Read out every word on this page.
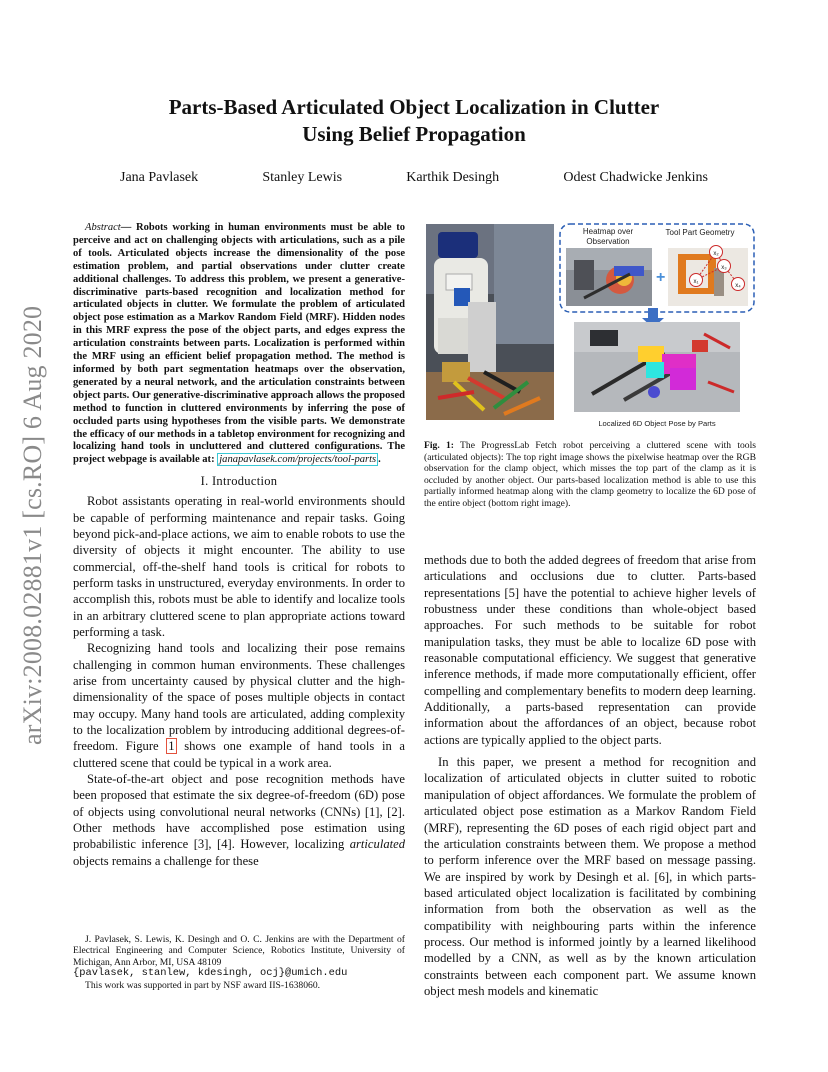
arXiv:2008.02881v1 [cs.RO] 6 Aug 2020
Parts-Based Articulated Object Localization in Clutter
Using Belief Propagation
Jana Pavlasek	Stanley Lewis	Karthik Desingh	Odest Chadwicke Jenkins

Abstract— Robots working in human environments must be able to perceive and act on challenging objects with articulations, such as a pile of tools. Articulated objects increase the dimensionality of the pose estimation problem, and partial observations under clutter create additional challenges. To address this problem, we present a generative-discriminative parts-based recognition and localization method for articulated objects in clutter. We formulate the problem of articulated object pose estimation as a Markov Random Field (MRF). Hidden nodes in this MRF express the pose of the object parts, and edges express the articulation constraints between parts. Localization is performed within the MRF using an efficient belief propagation method. The method is informed by both part segmentation heatmaps over the observation, generated by a neural network, and the articulation constraints between object parts. Our generative-discriminative approach allows the proposed method to function in cluttered environments by inferring the pose of occluded parts using hypotheses from the visible parts. We demonstrate the efficacy of our methods in a tabletop environment for recognizing and localizing hand tools in uncluttered and cluttered configurations. The project webpage is available at: janapavlasek.com/projects/tool-parts .

I. Introduction

Robot assistants operating in real-world environments should be capable of performing maintenance and repair tasks. Going beyond pick-and-place actions, we aim to enable robots to use the diversity of objects it might encounter. The ability to use commercial, off-the-shelf hand tools is critical for robots to perform tasks in unstructured, everyday environments. In order to accomplish this, robots must be able to identify and localize tools in an arbitrary cluttered scene to plan appropriate actions toward performing a task.

Recognizing hand tools and localizing their pose remains challenging in common human environments. These challenges arise from uncertainty caused by physical clutter and the high-dimensionality of the space of poses multiple objects in contact may occupy. Many hand tools are articulated, adding complexity to the localization problem by introducing additional degrees-of-freedom. Figure 1 shows one example of hand tools in a cluttered scene that could be typical in a work area.

State-of-the-art object and pose recognition methods have been proposed that estimate the six degree-of-freedom (6D) pose of objects using convolutional neural networks (CNNs) [1], [2]. Other methods have accomplished pose estimation using probabilistic inference [3], [4]. However, localizing articulated objects remains a challenge for these

J. Pavlasek, S. Lewis, K. Desingh and O. C. Jenkins are with the Department of Electrical Engineering and Computer Science, Robotics Institute, University of Michigan, Ann Arbor, MI, USA 48109

{pavlasek, stanlew, kdesingh, ocj}@umich.edu

This work was supported in part by NSF award IIS-1638060.

Heatmap over
Observation
Tool Part Geometry
+
x₂
x₃
x₁
x₄
Localized 6D Object Pose by Parts
Fig. 1: The ProgressLab Fetch robot perceiving a cluttered scene with tools (articulated objects): The top right image shows the pixelwise heatmap over the RGB observation for the clamp object, which misses the top part of the clamp as it is occluded by another object. Our parts-based localization method is able to use this partially informed heatmap along with the clamp geometry to localize the 6D pose of the entire object (bottom right image).

methods due to both the added degrees of freedom that arise from articulations and occlusions due to clutter. Parts-based representations [5] have the potential to achieve higher levels of robustness under these conditions than whole-object based approaches. For such methods to be suitable for robot manipulation tasks, they must be able to localize 6D pose with reasonable computational efficiency. We suggest that generative inference methods, if made more computationally efficient, offer compelling and complementary benefits to modern deep learning. Additionally, a parts-based representation can provide information about the affordances of an object, because robot actions are typically applied to the object parts.

In this paper, we present a method for recognition and localization of articulated objects in clutter suited to robotic manipulation of object affordances. We formulate the problem of articulated object pose estimation as a Markov Random Field (MRF), representing the 6D poses of each rigid object part and the articulation constraints between them. We propose a method to perform inference over the MRF based on message passing. We are inspired by work by Desingh et al. [6], in which parts-based articulated object localization is facilitated by combining information from both the observation as well as the compatibility with neighbouring parts within the inference process. Our method is informed jointly by a learned likelihood modelled by a CNN, as well as by the known articulation constraints between each component part. We assume known object mesh models and kinematic
